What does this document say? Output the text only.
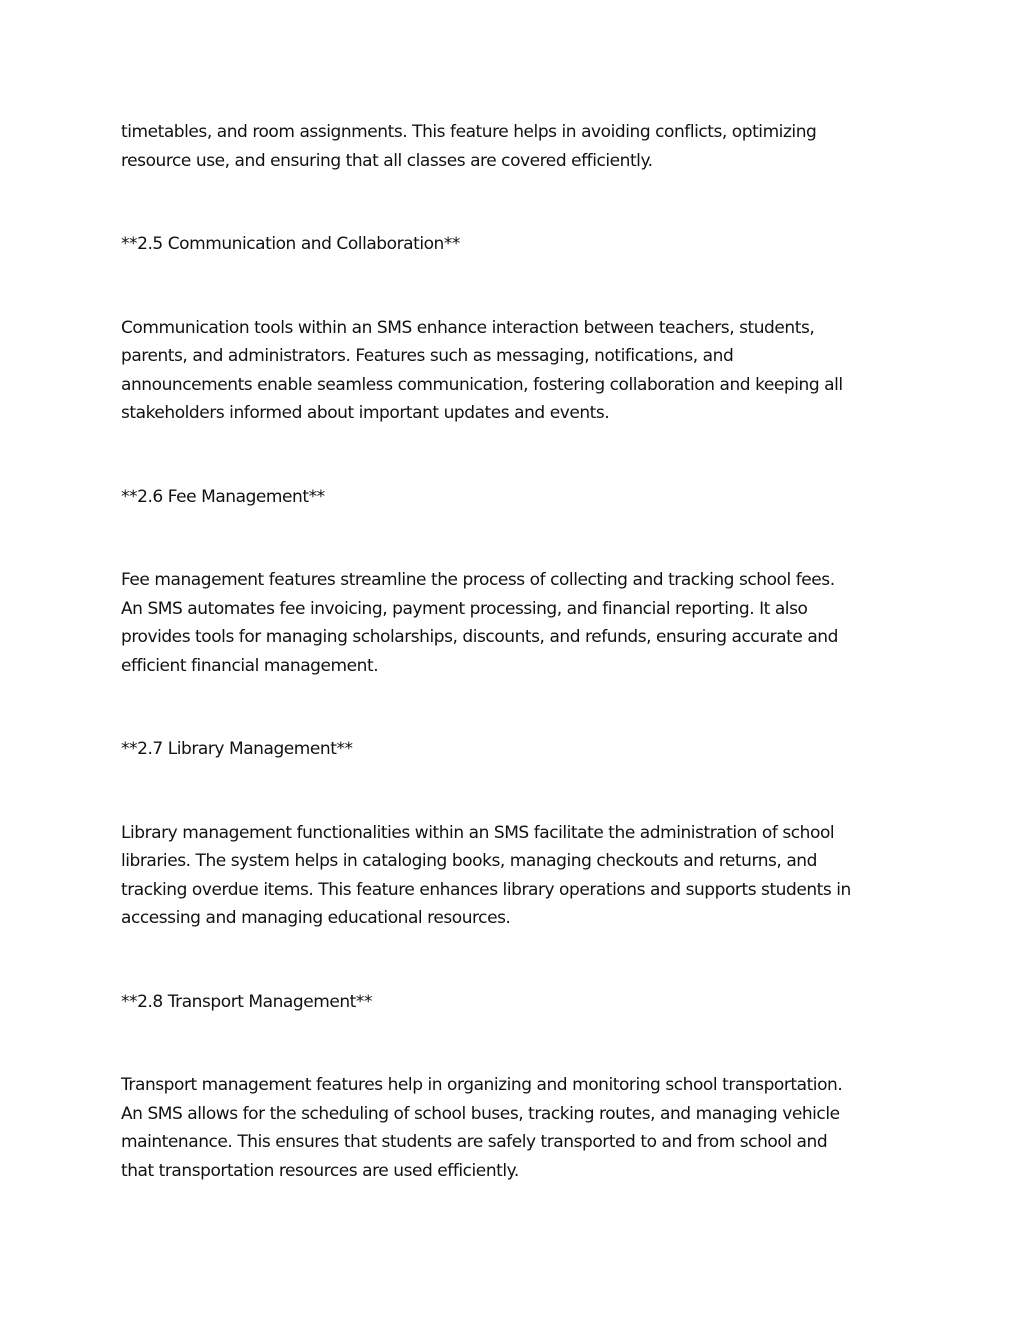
timetables, and room assignments. This feature helps in avoiding conflicts, optimizing
resource use, and ensuring that all classes are covered efficiently.

**2.5 Communication and Collaboration**

Communication tools within an SMS enhance interaction between teachers, students,
parents, and administrators. Features such as messaging, notifications, and
announcements enable seamless communication, fostering collaboration and keeping all
stakeholders informed about important updates and events.

**2.6 Fee Management**

Fee management features streamline the process of collecting and tracking school fees.
An SMS automates fee invoicing, payment processing, and financial reporting. It also
provides tools for managing scholarships, discounts, and refunds, ensuring accurate and
efficient financial management.

**2.7 Library Management**

Library management functionalities within an SMS facilitate the administration of school
libraries. The system helps in cataloging books, managing checkouts and returns, and
tracking overdue items. This feature enhances library operations and supports students in
accessing and managing educational resources.

**2.8 Transport Management**

Transport management features help in organizing and monitoring school transportation.
An SMS allows for the scheduling of school buses, tracking routes, and managing vehicle
maintenance. This ensures that students are safely transported to and from school and
that transportation resources are used efficiently.
